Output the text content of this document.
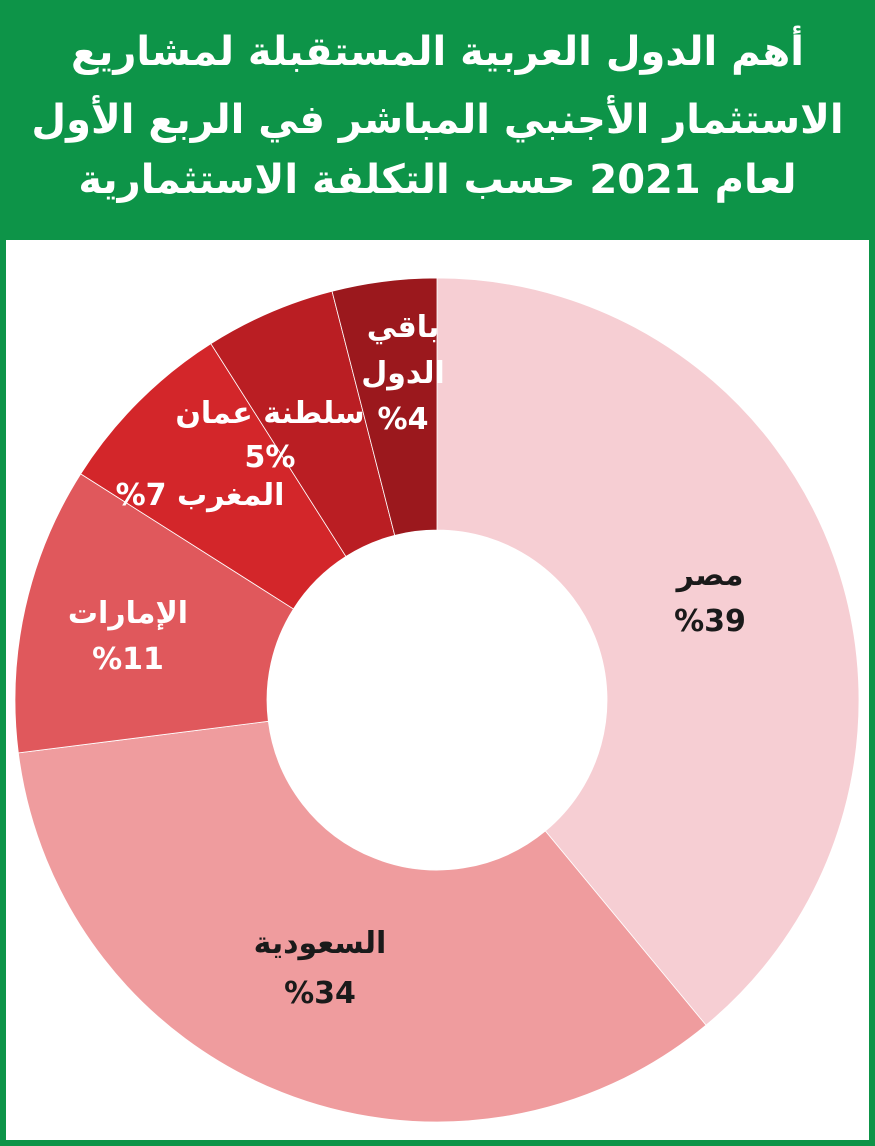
أهم الدول العربية المستقبلة لمشاريع
الاستثمار الأجنبي المباشر في الربع الأول
لعام 2021 حسب التكلفة الاستثمارية
مصر %39
السعودية %34
الإمارات %11
المغرب 7%
سلطنة عمان 5%
باقي الدول %4
